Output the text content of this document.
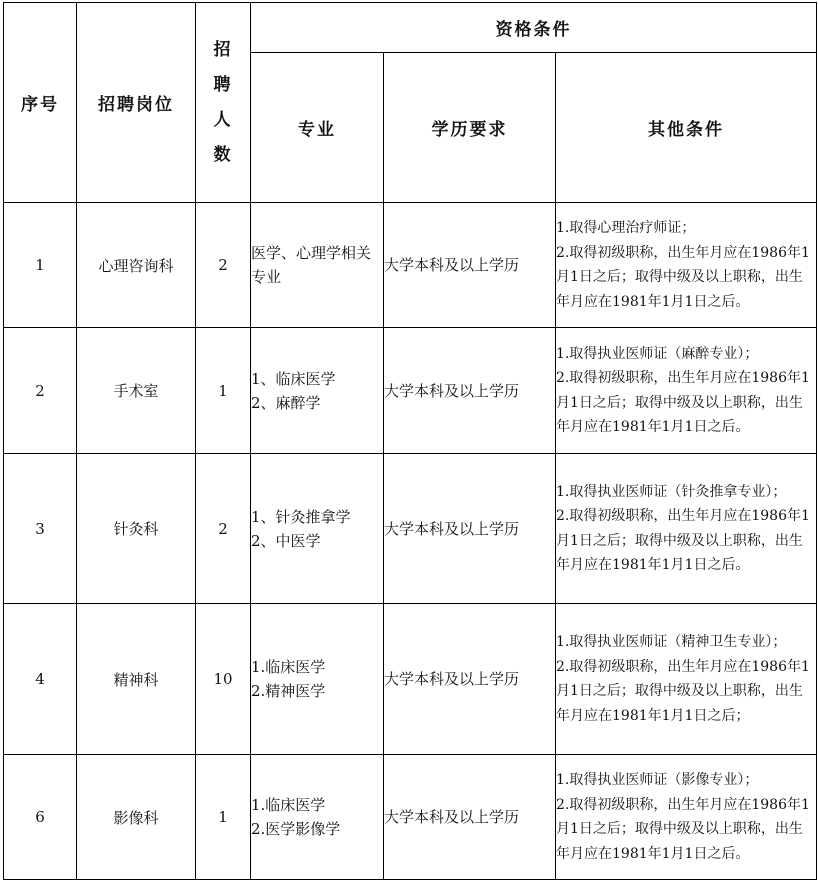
序号	招聘岗位	招
聘
人
数	资格条件		
			专业	学历要求	其他条件
1	心理咨询科	2	医学、心理学相关专业	大学本科及以上学历	1.取得心理治疗师证；
2.取得初级职称，出生年月应在1986年1月1日之后；取得中级及以上职称，出生年月应在1981年1月1日之后。

2	手术室	1	1、临床医学
2、麻醉学	大学本科及以上学历	1.取得执业医师证（麻醉专业）；
2.取得初级职称，出生年月应在1986年1月1日之后；取得中级及以上职称，出生年月应在1981年1月1日之后。

3	针灸科	2	1、针灸推拿学
2、中医学	大学本科及以上学历	1.取得执业医师证（针灸推拿专业）；
2.取得初级职称，出生年月应在1986年1月1日之后；取得中级及以上职称，出生年月应在1981年1月1日之后。

4	精神科	10	1.临床医学
2.精神医学	大学本科及以上学历	1.取得执业医师证（精神卫生专业）；
2.取得初级职称，出生年月应在1986年1月1日之后；取得中级及以上职称，出生年月应在1981年1月1日之后；

6	影像科	1	1.临床医学
2.医学影像学	大学本科及以上学历	1.取得执业医师证（影像专业）；
2.取得初级职称，出生年月应在1986年1月1日之后；取得中级及以上职称，出生年月应在1981年1月1日之后。
